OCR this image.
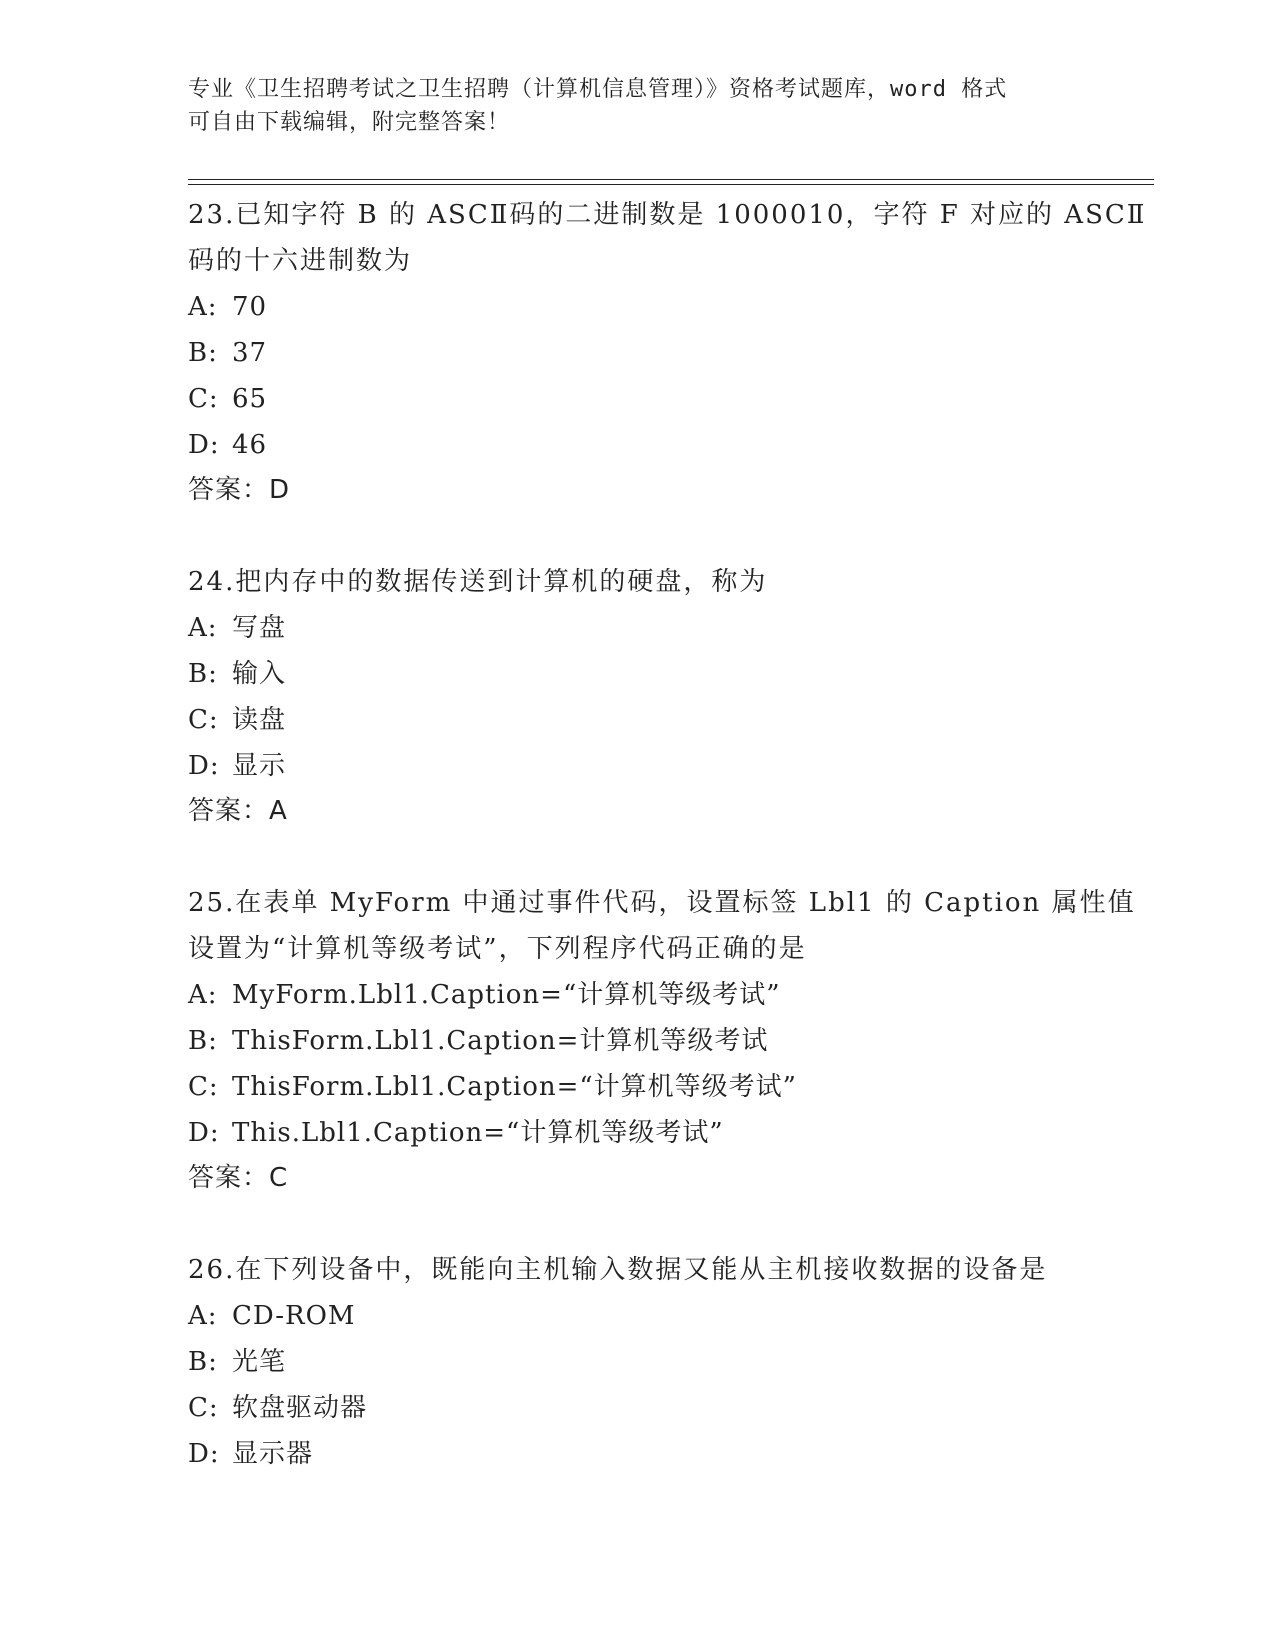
专业《卫生招聘考试之卫生招聘（计算机信息管理）》资格考试题库，word 格式
可自由下载编辑，附完整答案！
23.已知字符 B 的 ASCⅡ码的二进制数是 1000010，字符 F 对应的 ASCⅡ
码的十六进制数为
A: 70
B: 37
C: 65
D: 46
答案：D
24.把内存中的数据传送到计算机的硬盘，称为
A: 写盘
B: 输入
C: 读盘
D: 显示
答案：A
25.在表单 MyForm 中通过事件代码，设置标签 Lbl1 的 Caption 属性值
设置为“计算机等级考试”，下列程序代码正确的是
A: MyForm.Lbl1.Caption=“计算机等级考试”
B: ThisForm.Lbl1.Caption=计算机等级考试
C: ThisForm.Lbl1.Caption=“计算机等级考试”
D: This.Lbl1.Caption=“计算机等级考试”
答案：C
26.在下列设备中，既能向主机输入数据又能从主机接收数据的设备是
A: CD-ROM
B: 光笔
C: 软盘驱动器
D: 显示器
